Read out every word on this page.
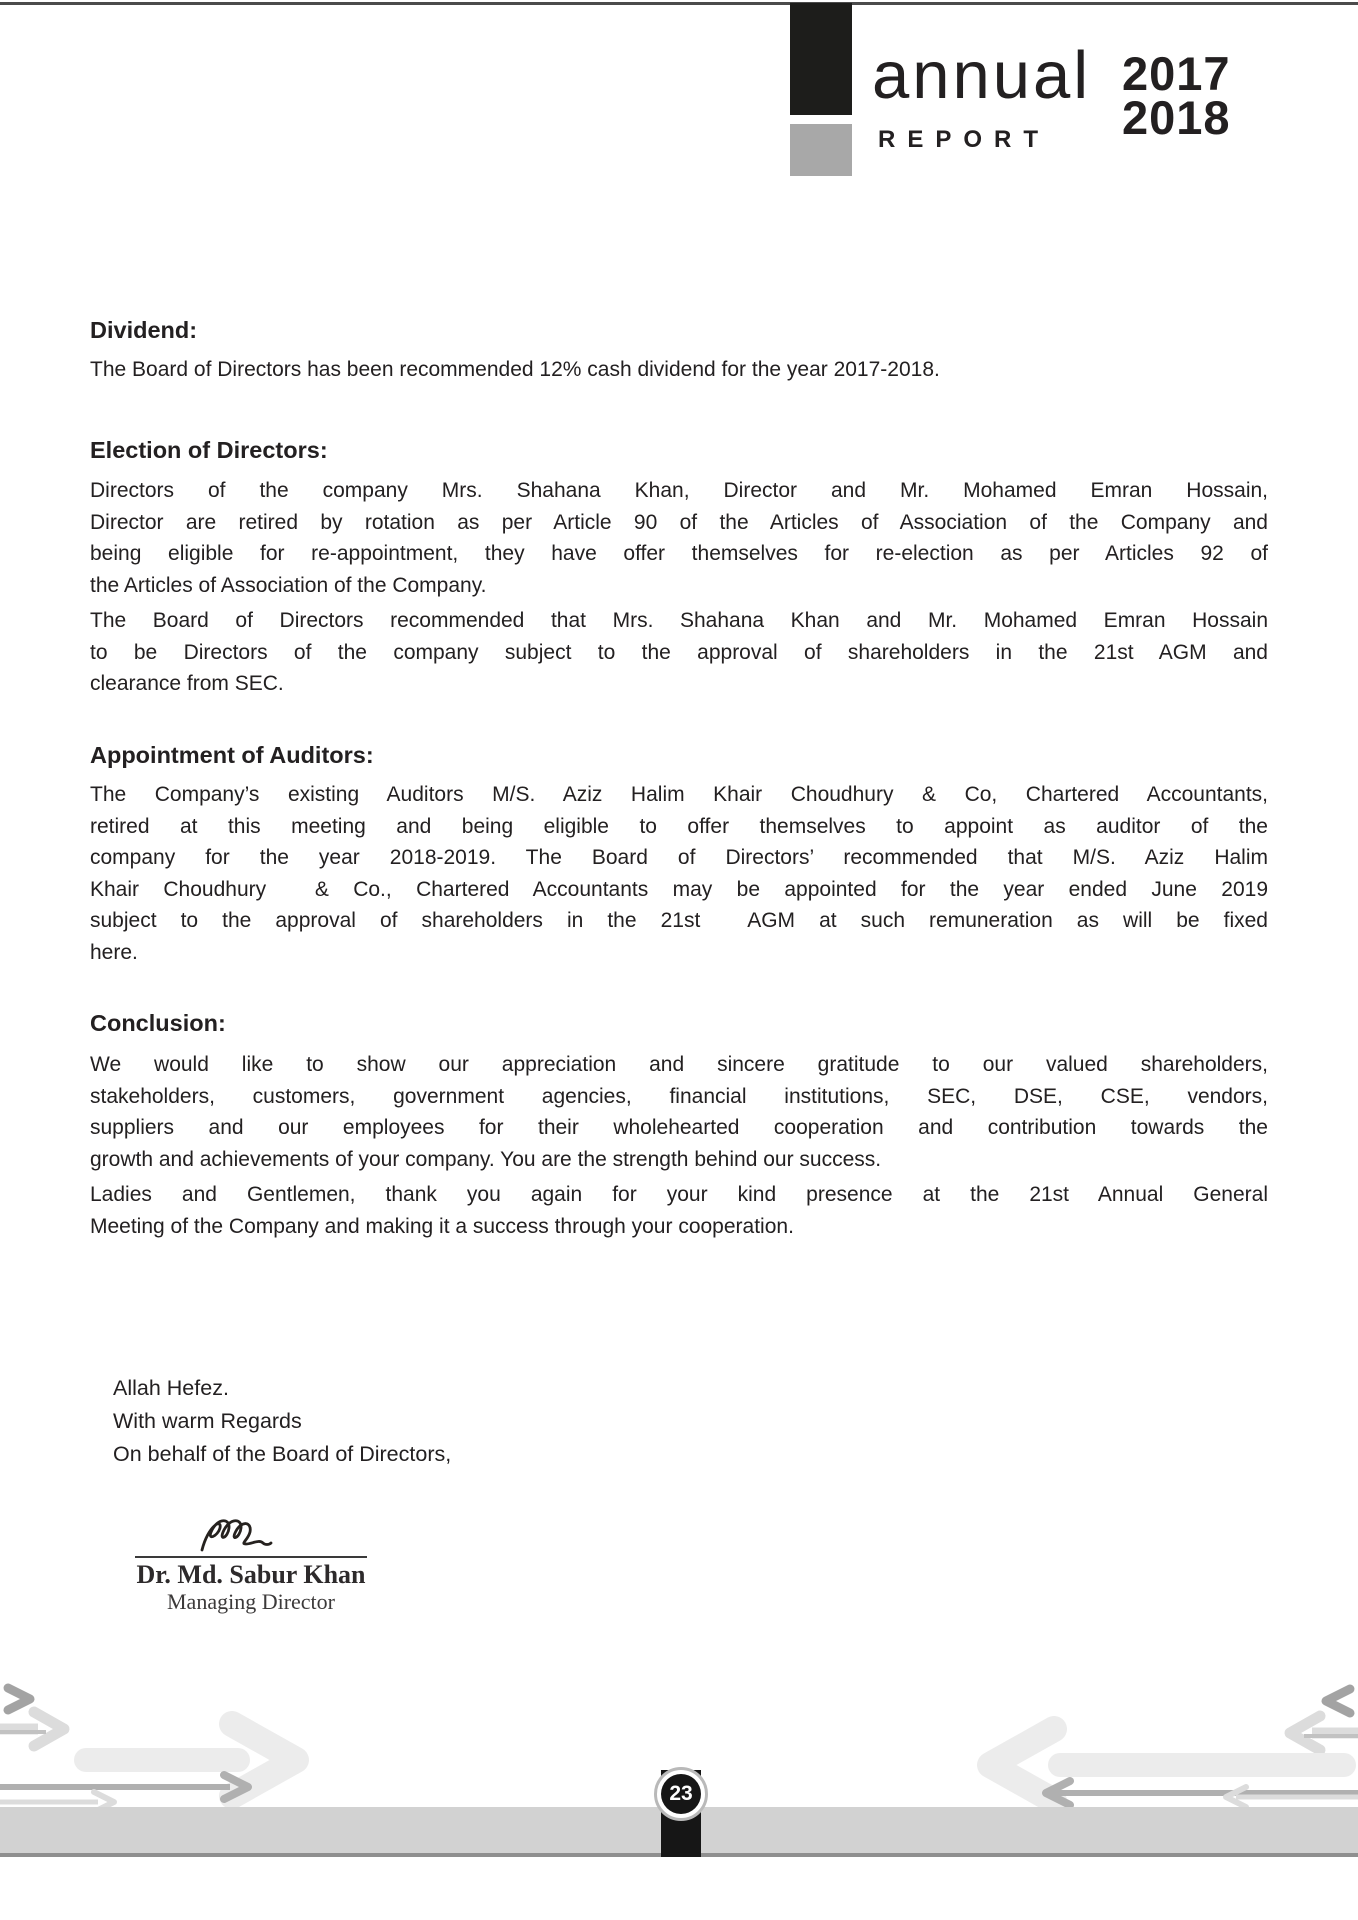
annual
REPORT
2017
2018
Dividend:
The Board of Directors has been recommended 12% cash dividend for the year 2017-2018.
Election of Directors:
Directors of the company Mrs. Shahana Khan, Director and Mr. Mohamed Emran Hossain,
Director are retired by rotation as per Article 90 of the Articles of Association of the Company and
being eligible for re-appointment, they have offer themselves for re-election as per Articles 92 of
the Articles of Association of the Company.
The Board of Directors recommended that Mrs. Shahana Khan and Mr. Mohamed Emran Hossain
to be Directors of the company subject to the approval of shareholders in the 21st AGM and
clearance from SEC.
Appointment of Auditors:
The Company’s existing Auditors M/S. Aziz Halim Khair Choudhury & Co, Chartered Accountants,
retired at this meeting and being eligible to offer themselves to appoint as auditor of the
company for the year 2018-2019. The Board of Directors’ recommended that M/S. Aziz Halim
Khair Choudhury  & Co., Chartered Accountants may be appointed for the year ended June 2019
subject to the approval of shareholders in the 21st  AGM at such remuneration as will be fixed
here.
Conclusion:
We would like to show our appreciation and sincere gratitude to our valued shareholders,
stakeholders, customers, government agencies, financial institutions, SEC, DSE, CSE, vendors,
suppliers and our employees for their wholehearted cooperation and contribution towards the
growth and achievements of your company. You are the strength behind our success.
Ladies and Gentlemen, thank you again for your kind presence at the 21st Annual General
Meeting of the Company and making it a success through your cooperation.
Allah Hefez.
With warm Regards
On behalf of the Board of Directors,
Dr. Md. Sabur Khan
Managing Director
23
